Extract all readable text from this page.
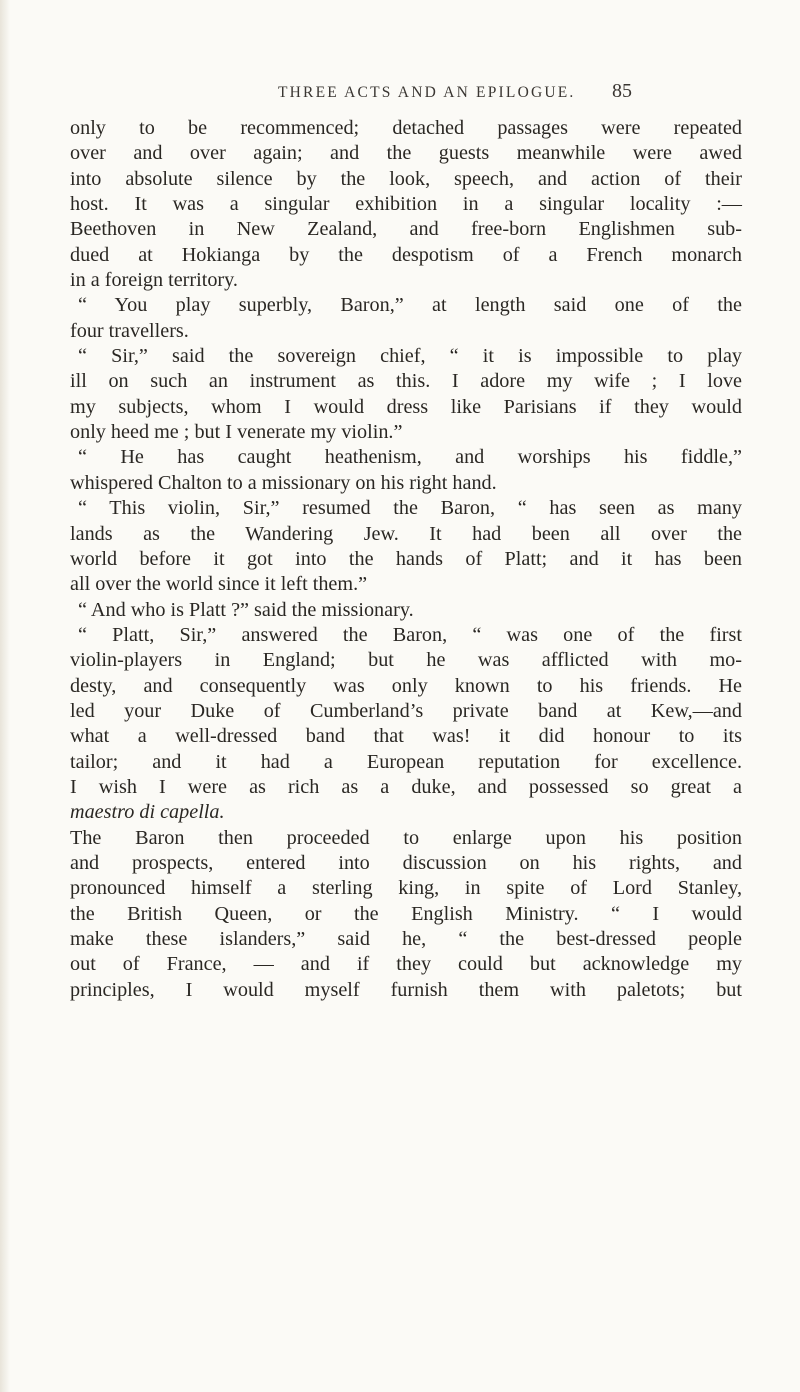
THREE ACTS AND AN EPILOGUE. 85
only to be recommenced; detached passages were repeated
over and over again; and the guests meanwhile were awed
into absolute silence by the look, speech, and action of their
host. It was a singular exhibition in a singular locality :—
Beethoven in New Zealand, and free-born Englishmen sub-
dued at Hokianga by the despotism of a French monarch
in a foreign territory.
“ You play superbly, Baron,” at length said one of the
four travellers.
“ Sir,” said the sovereign chief, “ it is impossible to play
ill on such an instrument as this. I adore my wife ; I love
my subjects, whom I would dress like Parisians if they would
only heed me ; but I venerate my violin.”
“ He has caught heathenism, and worships his fiddle,”
whispered Chalton to a missionary on his right hand.
“ This violin, Sir,” resumed the Baron, “ has seen as many
lands as the Wandering Jew. It had been all over the
world before it got into the hands of Platt; and it has been
all over the world since it left them.”
“ And who is Platt ?” said the missionary.
“ Platt, Sir,” answered the Baron, “ was one of the first
violin-players in England; but he was afflicted with mo-
desty, and consequently was only known to his friends. He
led your Duke of Cumberland’s private band at Kew,—and
what a well-dressed band that was! it did honour to its
tailor; and it had a European reputation for excellence.
I wish I were as rich as a duke, and possessed so great a
maestro di capella.
The Baron then proceeded to enlarge upon his position
and prospects, entered into discussion on his rights, and
pronounced himself a sterling king, in spite of Lord Stanley,
the British Queen, or the English Ministry. “ I would
make these islanders,” said he, “ the best-dressed people
out of France, — and if they could but acknowledge my
principles, I would myself furnish them with paletots; but
